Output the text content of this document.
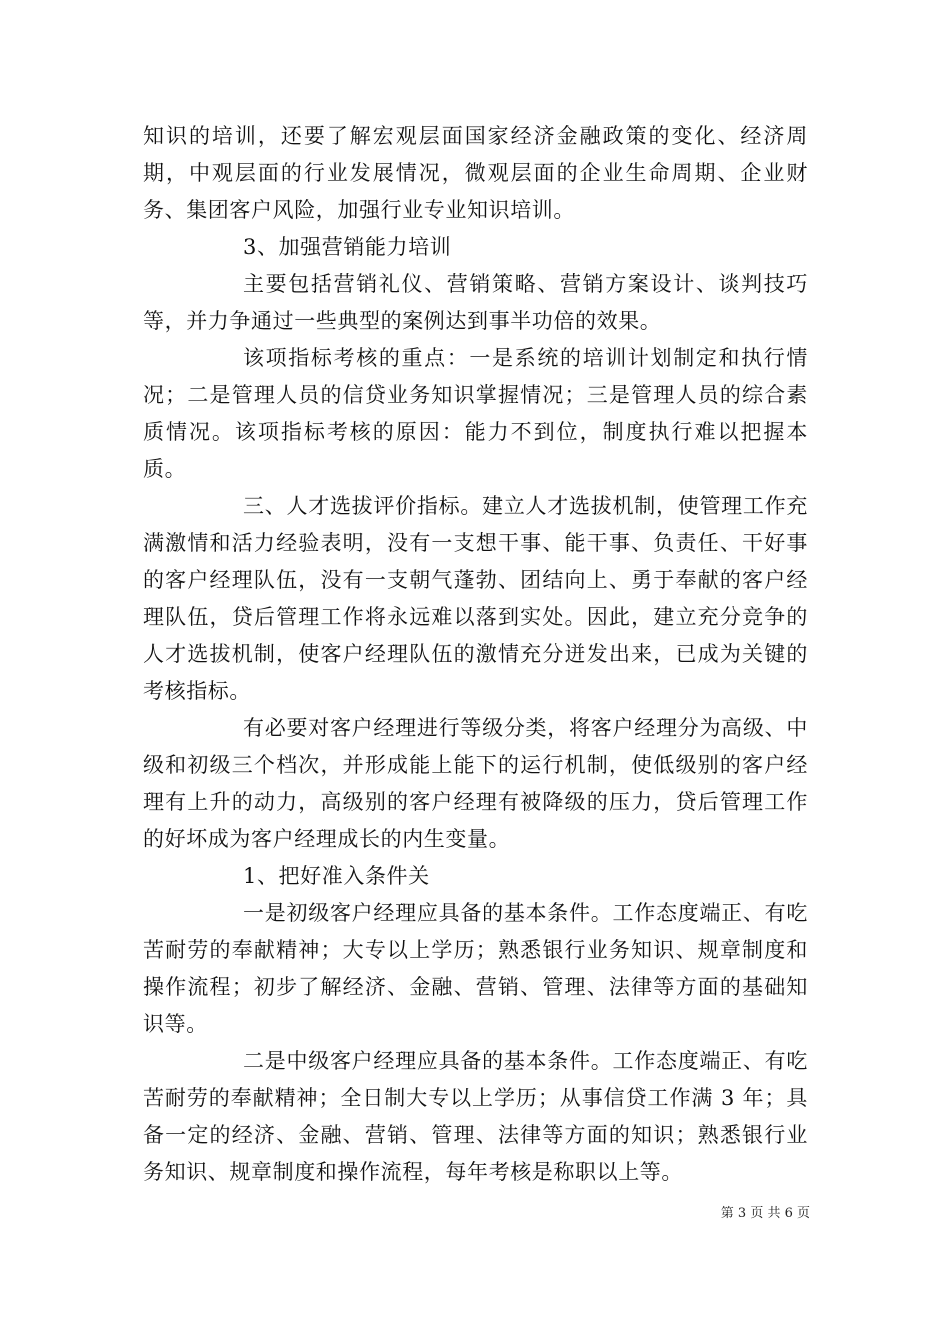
知识的培训，还要了解宏观层面国家经济金融政策的变化、经济周期，中观层面的行业发展情况，微观层面的企业生命周期、企业财务、集团客户风险，加强行业专业知识培训。

3、加强营销能力培训

主要包括营销礼仪、营销策略、营销方案设计、谈判技巧等，并力争通过一些典型的案例达到事半功倍的效果。

该项指标考核的重点：一是系统的培训计划制定和执行情况；二是管理人员的信贷业务知识掌握情况；三是管理人员的综合素质情况。该项指标考核的原因：能力不到位，制度执行难以把握本质。

三、人才选拔评价指标。建立人才选拔机制，使管理工作充满激情和活力经验表明，没有一支想干事、能干事、负责任、干好事的客户经理队伍，没有一支朝气蓬勃、团结向上、勇于奉献的客户经理队伍，贷后管理工作将永远难以落到实处。因此，建立充分竞争的人才选拔机制，使客户经理队伍的激情充分迸发出来，已成为关键的考核指标。

有必要对客户经理进行等级分类，将客户经理分为高级、中级和初级三个档次，并形成能上能下的运行机制，使低级别的客户经理有上升的动力，高级别的客户经理有被降级的压力，贷后管理工作的好坏成为客户经理成长的内生变量。

1、把好准入条件关

一是初级客户经理应具备的基本条件。工作态度端正、有吃苦耐劳的奉献精神；大专以上学历；熟悉银行业务知识、规章制度和操作流程；初步了解经济、金融、营销、管理、法律等方面的基础知识等。

二是中级客户经理应具备的基本条件。工作态度端正、有吃苦耐劳的奉献精神；全日制大专以上学历；从事信贷工作满 3 年；具备一定的经济、金融、营销、管理、法律等方面的知识；熟悉银行业务知识、规章制度和操作流程，每年考核是称职以上等。

第 3 页 共 6 页
